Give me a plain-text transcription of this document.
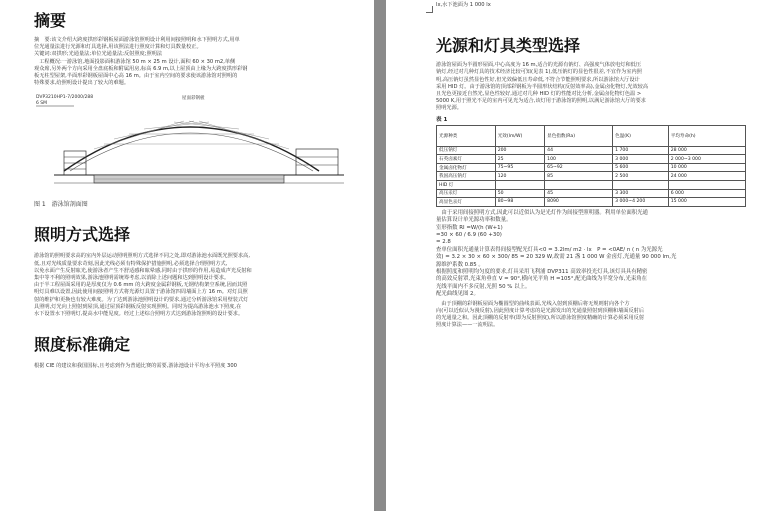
摘要

摘　要:该文介绍大跨度拱形彩钢板屋面游泳馆照明设计利用间接照明和水下照明方式,用单

位光通量法进行光源和灯具选择,用该照法进行照度计算和灯具数量校正。

关键词:双拱形;光通量法;单位光通量法;反射照度;照明法

　工程概况:一游泳馆,地面投影面积游泳馆 50 m × 25 m 设计,面积 60 × 30 m2,单侧

观众席,另外两个方向采用全盘底板和附属用房,标高 6.9 m,以上屋顶由上缘为大跨度拱形彩钢

板无柱型屋架,半面形彩钢板屋面中心高 16 m。由于室内空间的要求使该游泳馆对照明的

特殊要求,给照明设计提出了较大的难题。

DVP3210HP1-7/2000/288
6 SM
屋面彩钢板
图 1　游泳馆剖面图
照明方式选择

游泳馆的照明要求高的室内外层运动照明照明方式选择不同之处,即对游泳池水面既光照要求高,

低,且对光线质量要求苛刻,因此光线必须有特殊保护措施照明,必须选择合理照明方式,

以免水面产生反射眩光,使游泳者产生不舒适感和眩晕感,同时由于拱形的作用,易造成声光反射和

集中等不利的照明效果,游泳池照明需统筹考虑,以消除上述问题和达到照明设计要求。

由于半工程屋面采用的是厚度仅为 0.6 mm 的大跨度金属彩钢板,无钢结构架空系统,因而其照

明灯具难以设置,因此使用间接照明方式将光源灯具置于游泳馆四周墙面上方 16 m。对灯具照

射的维护和更换也有较大难度。为了达到游泳池照明设计的要求,通过分析游泳馆采用壁装式灯

具照明,灯光向上照射到屋顶,通过屋顶彩钢板反射实现照明。同时为提高游泳池水下照度,在

水下设置水下照明灯,提高水中能见度。经过上述综合照明方式达到游泳馆照明的设计要求。

照度标准确定

根据 CIE 的建议和我国国标,且考虑到作为普通比赛的需要,游泳池设计平均水平照度 300

lx,水下池面为 1 000 lx
光源和灯具类型选择

游泳馆屋面为半圆形屋面,中心高度为 16 m,适合的光源有钠灯、高强度气体放电灯和低压

钠灯,经过对几种灯具的技术经济比较可知(见表 1),低压钠灯的显色性很差,不宜作为室内照

明,高压钠灯虽然显色性好,但光效偏低且寿命低,不符合节能照明要求,所以游泳馆大厅设计

采用 HID 灯。由于游泳馆的顶部彩钢板为半圆形状结构(反射效率高),金属卤化物灯,光效较高

且光色更接近自然光,显色性较好,通过对几种 HID 灯的性能对比分析,金属卤化物灯色温 >

5000 K,用于照光不足的室内可见光为适合,该灯用于游泳馆的照明,以满足游泳馆大厅的要求

照明光源。

表 1
光源种类	光效(lm/W)	显色指数(Ra)	色温(K)	平均寿命(h)
低压钠灯	200	44	1 700	28 000
石英卤素灯	25	100	3 000	2 000~3 000
金属卤化物灯	75~95	65~92	5 600	10 000
我国高压钠灯	120	85	2 500	24 000
HID 灯				
高压汞灯	50	45	3 300	6 000
高显色汞灯	80~98	8090	3 000~4 200	15 000
　由于采用间接照明方式,因此可以近似认为是光灯作为间接型照明器。利用单位面积光通
量估算设计单光源功率和数量。
室形指数 RI =W/(h (W+1)
=30 × 60 / 6.9 (60 +30)
= 2.8
查单位面积光通量计算表得间接型配光灯具<0 = 3.2lm/ m2 · lx　P = <0AE/ n ( n 为光源光
效) = 3.2 × 30 × 60 × 300/ 85 = 20 329 W,故需 21 盏 1 000 W 金卤灯,光通量 90 000 lm,光
源维护系数 0.85 。
根据照度和照明均匀度的要求,灯具采用飞利浦 DVP311 高效率投光灯具,该灯具具有精密
的高效反射罩,光束角垂直 V = 90°,横向光平角 H =105°,配光曲线为半宽分布,光束角在
光线平面内不多反射,光照 50 % 以上。
配光曲线见图 2。

　由于顶棚的彩钢板屋面为椭圆型的曲线表面,光线入射到顶棚后将无规则射向各个方

向(可以近似认为漫反射),因此照度计算考虑的是光源发出的光通量照射到顶棚和墙面反射后

的光通量之和。因此顶棚的反射率(即为反射照度),所以游泳馆照度精确的计算必须采用反射

照度计算法——一流明法。
